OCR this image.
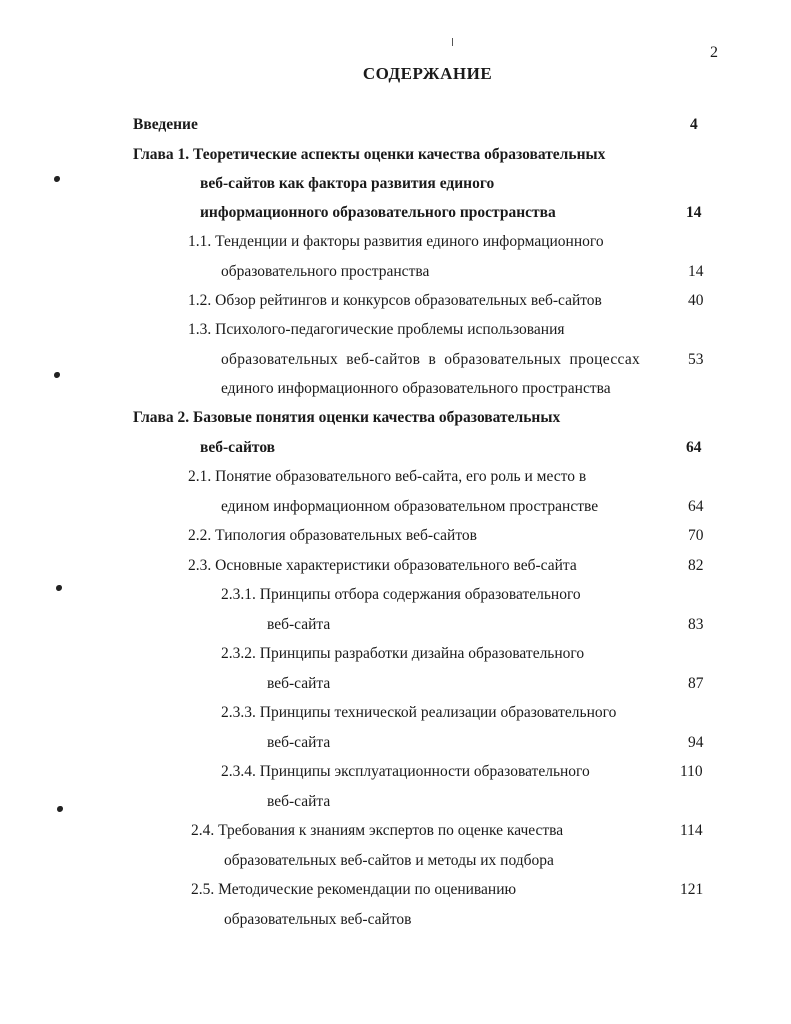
2
СОДЕРЖАНИЕ
Введение	4
Глава 1. Теоретические аспекты оценки качества образовательных
веб-сайтов как фактора развития единого
информационного образовательного пространства	14
1.1. Тенденции и факторы развития единого информационного
образовательного пространства	14
1.2. Обзор рейтингов и конкурсов образовательных веб-сайтов	40
1.3. Психолого-педагогические проблемы использования
образовательных веб-сайтов в образовательных процессах	53
единого информационного образовательного пространства
Глава 2. Базовые понятия оценки качества образовательных
веб-сайтов	64
2.1. Понятие образовательного веб-сайта, его роль и место в
едином информационном образовательном пространстве	64
2.2. Типология образовательных веб-сайтов	70
2.3. Основные характеристики образовательного веб-сайта	82
2.3.1. Принципы отбора содержания образовательного
веб-сайта	83
2.3.2. Принципы разработки дизайна образовательного
веб-сайта	87
2.3.3. Принципы технической реализации образовательного
веб-сайта	94
2.3.4. Принципы эксплуатационности образовательного	110
веб-сайта
2.4. Требования к знаниям экспертов по оценке качества	114
образовательных веб-сайтов и методы их подбора
2.5. Методические рекомендации по оцениванию	121
образовательных веб-сайтов
